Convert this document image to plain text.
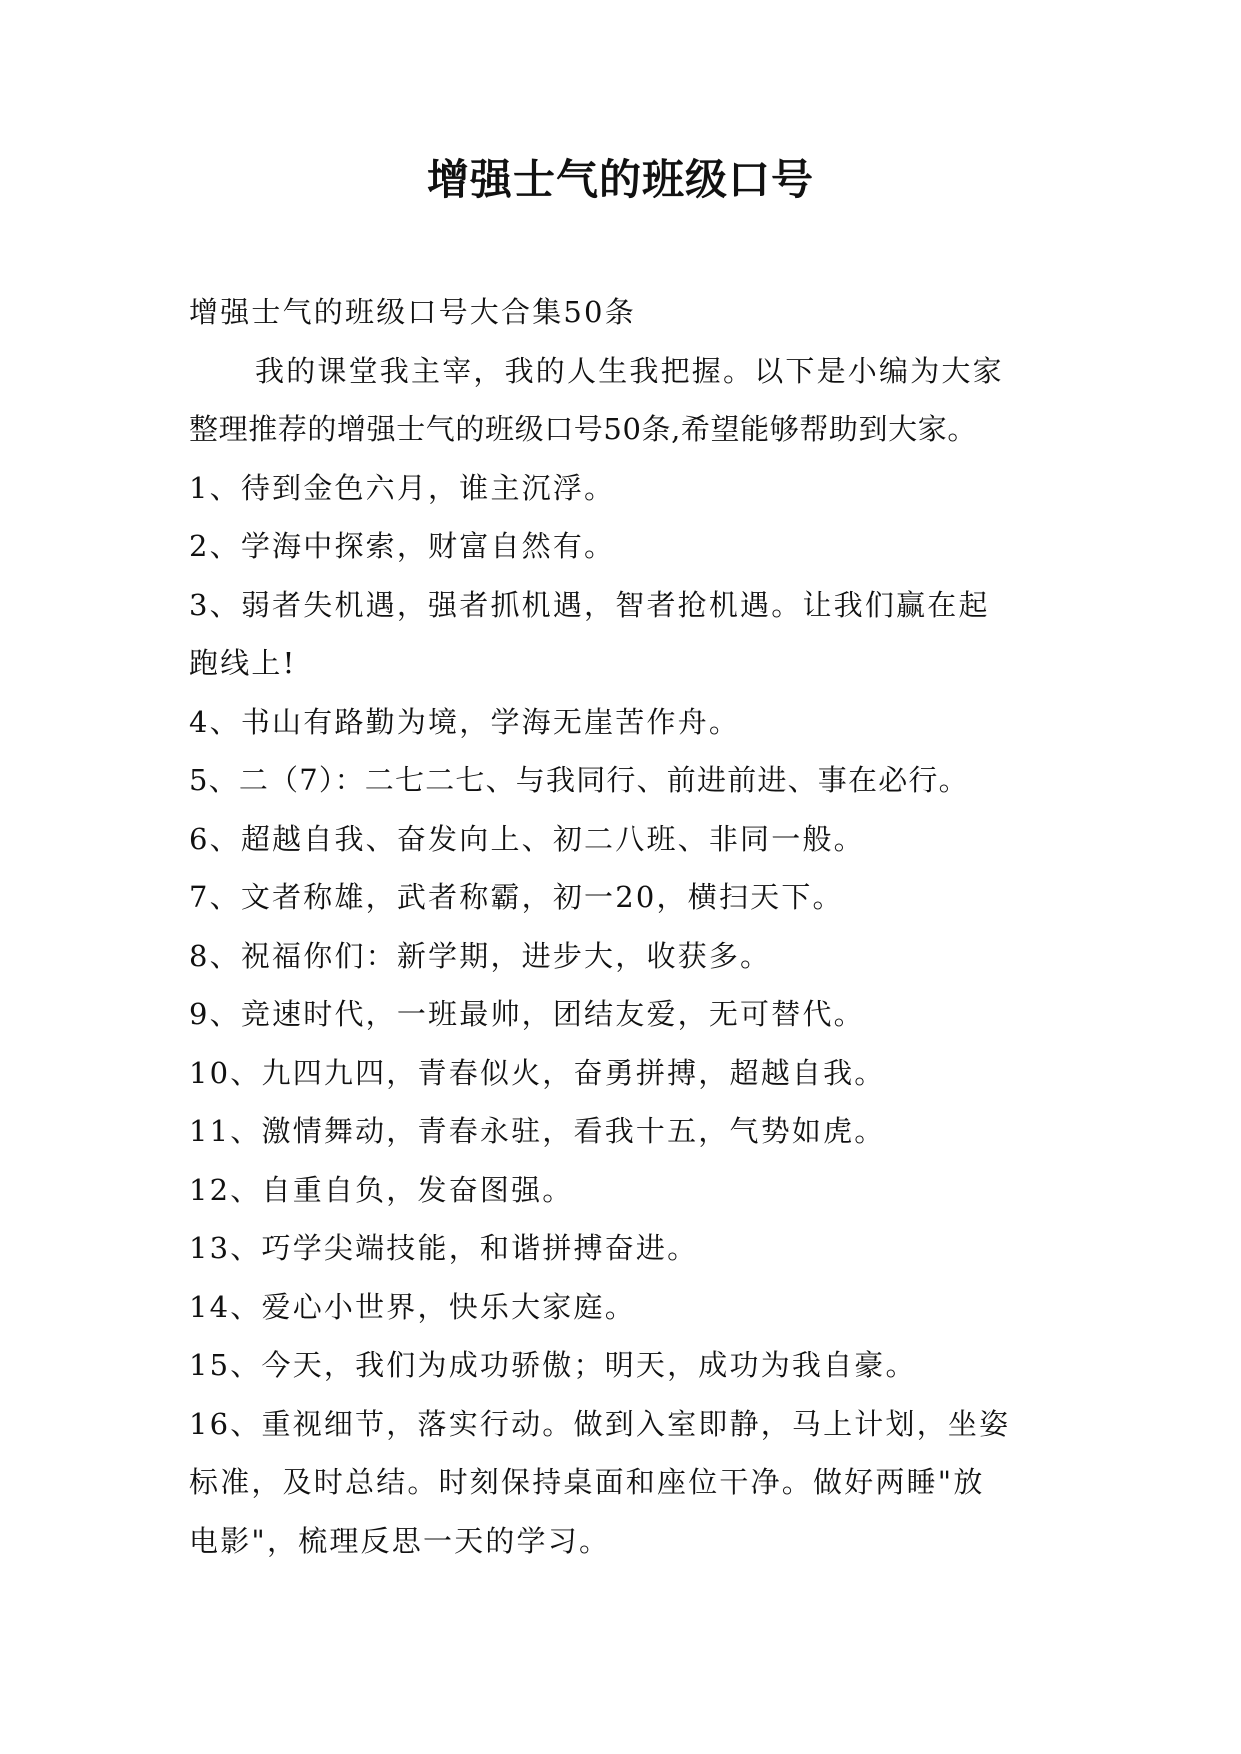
增强士气的班级口号
增强士气的班级口号大合集50条
我的课堂我主宰，我的人生我把握。以下是小编为大家
整理推荐的增强士气的班级口号50条,希望能够帮助到大家。
1、待到金色六月，谁主沉浮。
2、学海中探索，财富自然有。
3、弱者失机遇，强者抓机遇，智者抢机遇。让我们赢在起
跑线上!
4、书山有路勤为境，学海无崖苦作舟。
5、二（7）：二七二七、与我同行、前进前进、事在必行。
6、超越自我、奋发向上、初二八班、非同一般。
7、文者称雄，武者称霸，初一20，横扫天下。
8、祝福你们：新学期，进步大，收获多。
9、竞速时代，一班最帅，团结友爱，无可替代。
10、九四九四，青春似火，奋勇拼搏，超越自我。
11、激情舞动，青春永驻，看我十五，气势如虎。
12、自重自负，发奋图强。
13、巧学尖端技能，和谐拼搏奋进。
14、爱心小世界，快乐大家庭。
15、今天，我们为成功骄傲；明天，成功为我自豪。
16、重视细节，落实行动。做到入室即静，马上计划，坐姿
标准，及时总结。时刻保持桌面和座位干净。做好两睡"放
电影"，梳理反思一天的学习。
